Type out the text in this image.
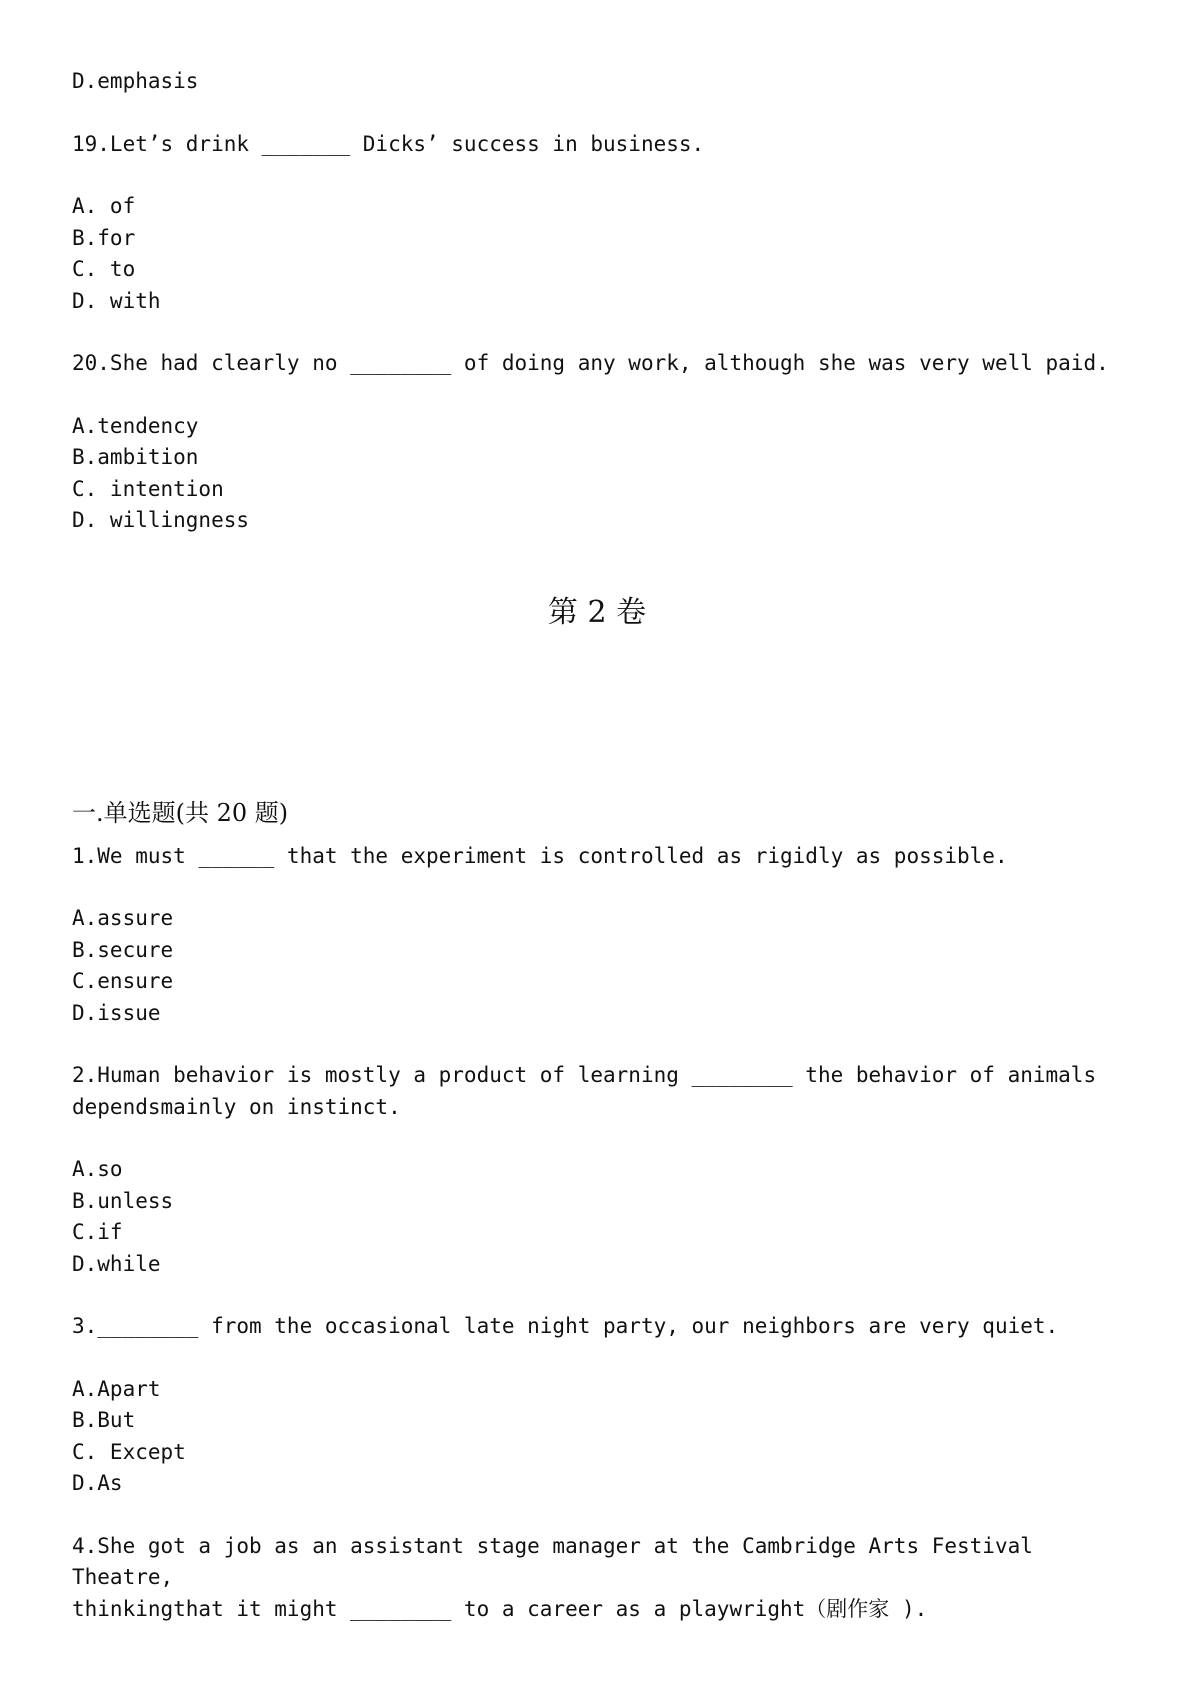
D.emphasis

19.Let’s drink _______ Dicks’ success in business.

A. of

B.for

C. to

D. with

20.She had clearly no ________ of doing any work, although she was very well paid.

A.tendency

B.ambition

C. intention

D. willingness

第 2 卷

一.单选题(共 20 题)

1.We must ______ that the experiment is controlled as rigidly as possible.

A.assure

B.secure

C.ensure

D.issue

2.Human behavior is mostly a product of learning ________ the behavior of animals

dependsmainly on instinct.

A.so

B.unless

C.if

D.while

3.________ from the occasional late night party, our neighbors are very quiet.

A.Apart

B.But

C. Except

D.As

4.She got a job as an assistant stage manager at the Cambridge Arts Festival Theatre,

thinkingthat it might ________ to a career as a playwright（剧作家 ).
